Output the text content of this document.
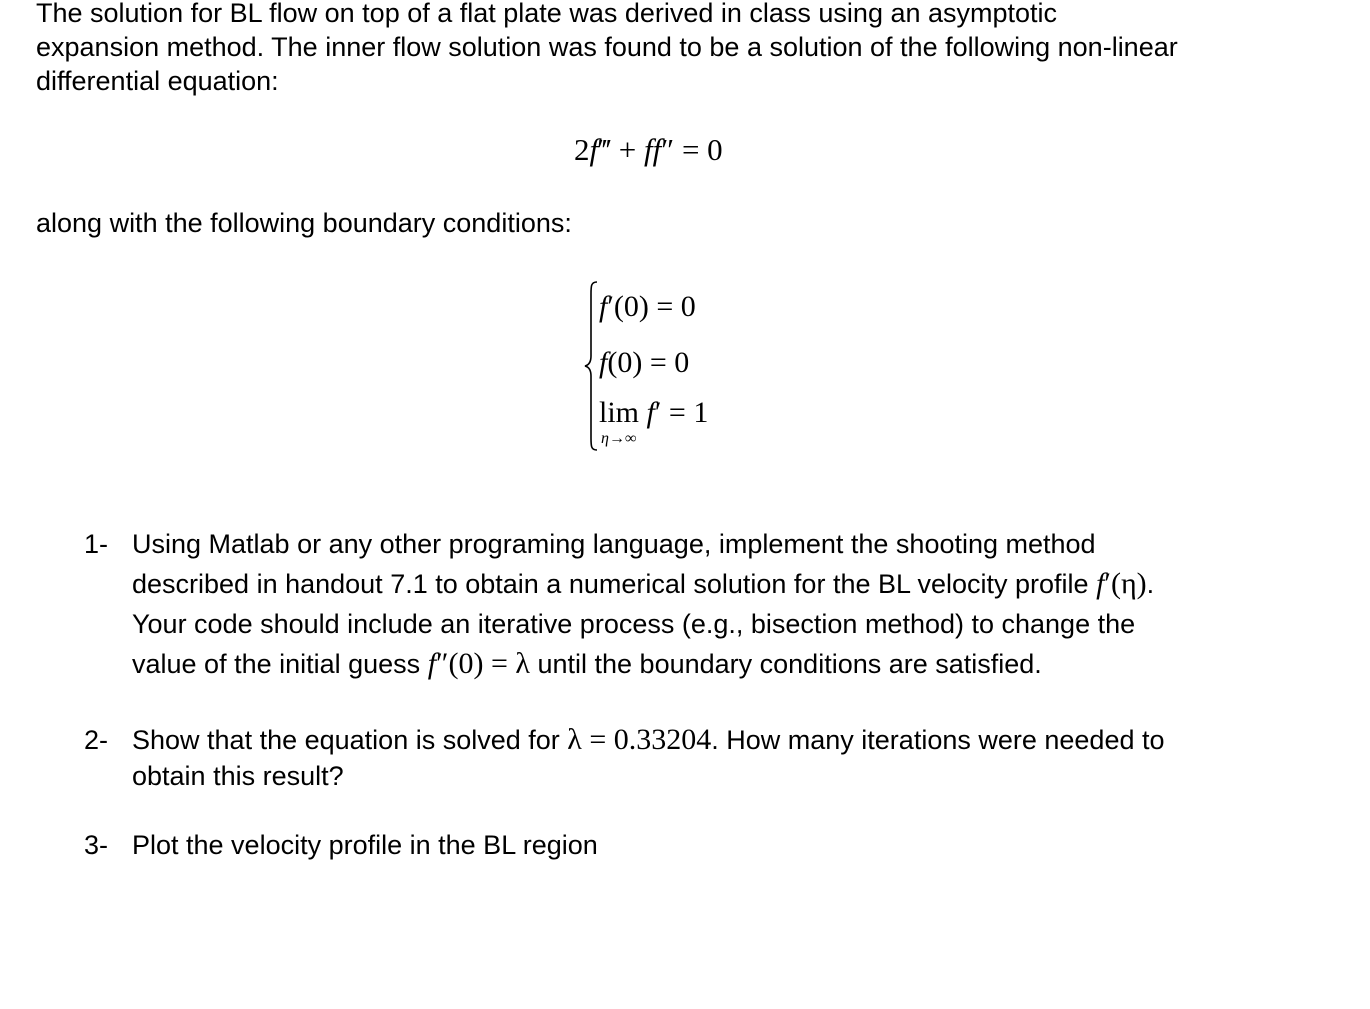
The solution for BL flow on top of a flat plate was derived in class using an asymptotic
expansion method. The inner flow solution was found to be a solution of the following non-linear
differential equation:
2f‴ + ff″ = 0
along with the following boundary conditions:
f′(0) = 0
f(0) = 0
lim f′ = 1
η→∞
1- Using Matlab or any other programing language, implement the shooting method
described in handout 7.1 to obtain a numerical solution for the BL velocity profile f′(η).
Your code should include an iterative process (e.g., bisection method) to change the
value of the initial guess f″(0) = λ until the boundary conditions are satisfied.
2- Show that the equation is solved for λ = 0.33204. How many iterations were needed to
obtain this result?
3- Plot the velocity profile in the BL region
